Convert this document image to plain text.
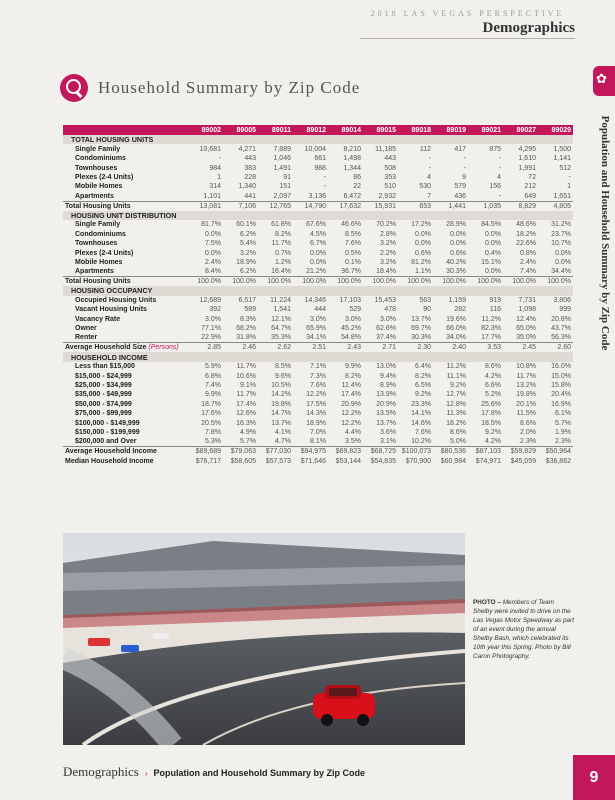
2018 LAS VEGAS PERSPECTIVE
Demographics
Household Summary by Zip Code
✿
Population and Household Summary by Zip Code
	89002	89005	89011	89012	89014	89015	89018	89019	89021	89027	89029
TOTAL HOUSING UNITS											
Single Family	10,681	4,271	7,889	10,004	8,210	11,185	112	417	875	4,295	1,500
Condominiums	-	443	1,046	661	1,498	443	-	-	-	1,610	1,141
Townhouses	984	383	1,491	988	1,344	508	-	-	-	1,991	512
Plexes (2-4 Units)	1	228	91	-	86	353	4	9	4	72	-
Mobile Homes	314	1,340	151	-	22	510	530	579	156	212	1
Apartments	1,101	441	2,097	3,136	6,472	2,932	7	436	-	649	1,651
Total Housing Units	13,081	7,106	12,765	14,790	17,632	15,931	653	1,441	1,035	8,829	4,805
HOUSING UNIT DISTRIBUTION											
Single Family	81.7%	60.1%	61.8%	67.6%	46.6%	70.2%	17.2%	28.9%	84.5%	48.6%	31.2%
Condominiums	0.0%	6.2%	8.2%	4.5%	8.5%	2.8%	0.0%	0.0%	0.0%	18.2%	23.7%
Townhouses	7.5%	5.4%	11.7%	6.7%	7.6%	3.2%	0.0%	0.0%	0.0%	22.6%	10.7%
Plexes (2-4 Units)	0.0%	3.2%	0.7%	0.0%	0.5%	2.2%	0.6%	0.6%	0.4%	0.8%	0.0%
Mobile Homes	2.4%	18.9%	1.2%	0.0%	0.1%	3.2%	81.2%	40.2%	15.1%	2.4%	0.0%
Apartments	8.4%	6.2%	16.4%	21.2%	36.7%	18.4%	1.1%	30.3%	0.0%	7.4%	34.4%
Total Housing Units	100.0%	100.0%	100.0%	100.0%	100.0%	100.0%	100.0%	100.0%	100.0%	100.0%	100.0%
HOUSING OCCUPANCY											
Occupied Housing Units	12,689	6,517	11,224	14,346	17,103	15,453	563	1,159	919	7,731	3,806
Vacant Housing Units	392	589	1,541	444	529	478	90	282	116	1,098	999
Vacancy Rate	3.0%	8.3%	12.1%	3.0%	3.0%	3.0%	13.7%	19.6%	11.2%	12.4%	20.8%
Owner	77.1%	68.2%	64.7%	65.9%	45.2%	62.6%	69.7%	66.0%	82.3%	65.0%	43.7%
Renter	22.9%	31.8%	35.3%	34.1%	54.8%	37.4%	30.3%	34.0%	17.7%	35.0%	56.3%
Average Household Size (Persons)	2.85	2.46	2.62	2.51	2.43	2.71	2.30	2.40	3.53	2.45	2.60
HOUSEHOLD INCOME											
Less than $15,000	5.9%	11.7%	8.5%	7.1%	9.9%	13.0%	6.4%	11.2%	8.6%	10.8%	16.0%
$15,000 - $24,999	6.8%	10.6%	9.6%	7.3%	8.2%	9.4%	8.2%	11.1%	4.2%	11.7%	15.0%
$25,000 - $34,999	7.4%	9.1%	10.5%	7.6%	11.4%	8.9%	6.5%	9.2%	6.6%	13.2%	15.8%
$35,000 - $49,999	9.9%	11.7%	14.2%	12.2%	17.4%	13.9%	9.2%	12.7%	5.2%	19.8%	20.4%
$50,000 - $74,999	18.7%	17.4%	19.8%	17.5%	20.9%	20.9%	23.3%	12.8%	25.6%	20.1%	16.9%
$75,000 - $99,999	17.6%	12.6%	14.7%	14.3%	12.2%	13.5%	14.1%	11.3%	17.8%	11.5%	6.1%
$100,000 - $149,999	20.5%	16.3%	13.7%	18.9%	12.2%	13.7%	14.6%	18.2%	18.5%	8.6%	5.7%
$150,000 - $199,999	7.8%	4.9%	4.1%	7.0%	4.4%	3.6%	7.6%	8.6%	9.2%	2.0%	1.9%
$200,000 and Over	5.3%	5.7%	4.7%	8.1%	3.5%	3.1%	10.2%	5.0%	4.2%	2.3%	2.3%
Average Household Income	$89,689	$79,063	$77,030	$94,975	$69,823	$68,725	$100,073	$80,536	$87,103	$59,829	$50,964
Median Household Income	$76,717	$58,605	$57,573	$71,646	$53,144	$54,835	$70,900	$60,984	$74,971	$45,059	$36,862
PHOTO – Members of Team Shelby were invited to drive on the Las Vegas Motor Speedway as part of an event during the annual Shelby Bash, which celebrated its 10th year this Spring. Photo by Bill Caron Photography.
Demographics › Population and Household Summary by Zip Code	9
